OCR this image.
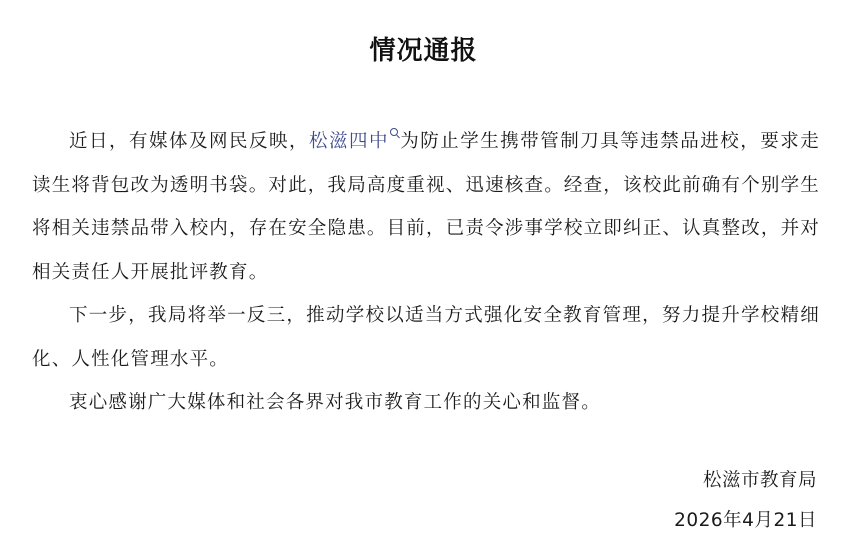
情况通报

近日，有媒体及网民反映，松滋四中 为防止学生携带管制刀具等违禁品进校，要求走读生将背包改为透明书袋。对此，我局高度重视、迅速核查。经查，该校此前确有个别学生将相关违禁品带入校内，存在安全隐患。目前，已责令涉事学校立即纠正、认真整改，并对相关责任人开展批评教育。

下一步，我局将举一反三，推动学校以适当方式强化安全教育管理，努力提升学校精细化、人性化管理水平。

衷心感谢广大媒体和社会各界对我市教育工作的关心和监督。

松滋市教育局
2026年4月21日
